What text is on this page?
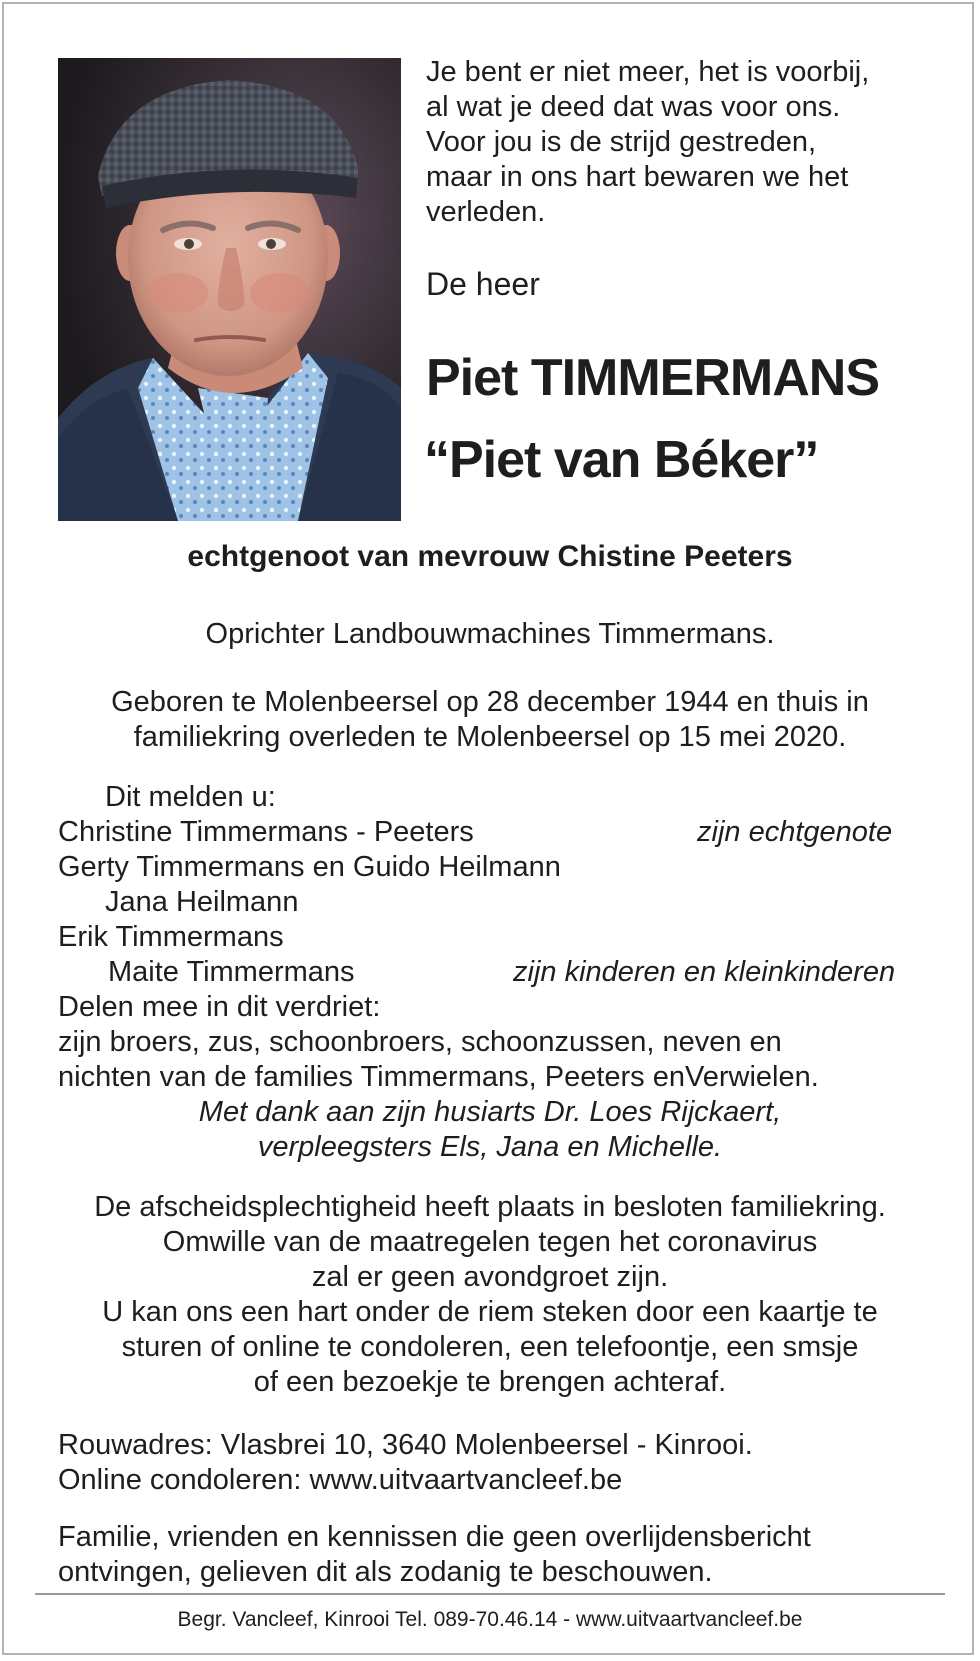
Je bent er niet meer, het is voorbij,
al wat je deed dat was voor ons.
Voor jou is de strijd gestreden,
maar in ons hart bewaren we het
verleden.

De heer

Piet TIMMERMANS

“Piet van Béker”

echtgenoot van mevrouw Chistine Peeters

Oprichter Landbouwmachines Timmermans.

Geboren te Molenbeersel op 28 december 1944 en thuis in
familiekring overleden te Molenbeersel op 15 mei 2020.

Dit melden u:

Christine Timmermans - Peeters	zijn echtgenote

Gerty Timmermans en Guido Heilmann

Jana Heilmann

Erik Timmermans

Maite Timmermans	zijn kinderen en kleinkinderen

Delen mee in dit verdriet:

zijn broers, zus, schoonbroers, schoonzussen, neven en

nichten van de families Timmermans, Peeters enVerwielen.

Met dank aan zijn husiarts Dr. Loes Rijckaert,
verpleegsters Els, Jana en Michelle.

De afscheidsplechtigheid heeft plaats in besloten familiekring.
Omwille van de maatregelen tegen het coronavirus
zal er geen avondgroet zijn.
U kan ons een hart onder de riem steken door een kaartje te
sturen of online te condoleren, een telefoontje, een smsje
of een bezoekje te brengen achteraf.

Rouwadres: Vlasbrei 10, 3640 Molenbeersel - Kinrooi.

Online condoleren: www.uitvaartvancleef.be

Familie, vrienden en kennissen die geen overlijdensbericht

ontvingen, gelieven dit als zodanig te beschouwen.

Begr. Vancleef, Kinrooi Tel. 089-70.46.14 - www.uitvaartvancleef.be
